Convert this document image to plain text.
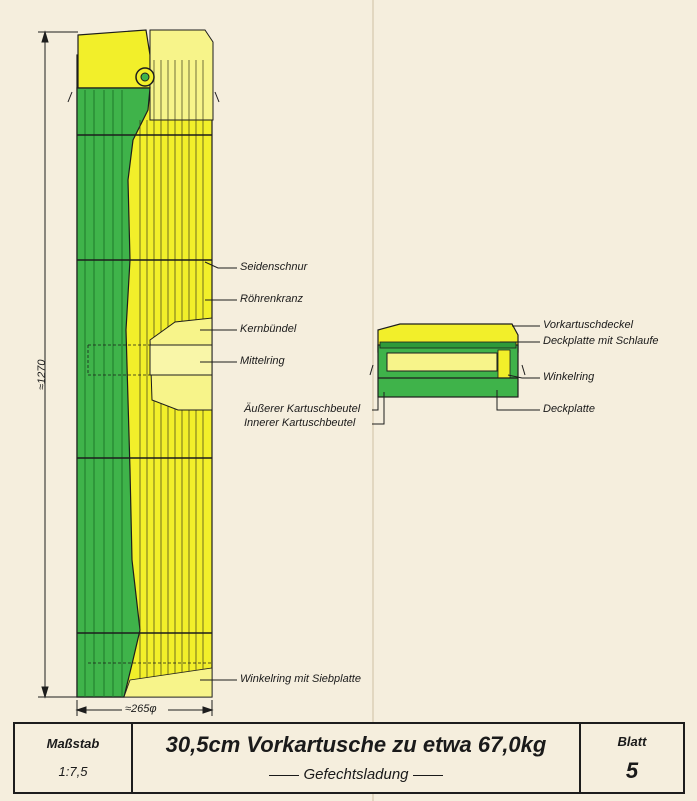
≈1270
≈265φ
Seidenschnur
Röhrenkranz
Kernbündel
Mittelring
Winkelring mit Siebplatte
Vorkartuschdeckel
Deckplatte mit Schlaufe
Winkelring
Deckplatte
Äußerer Kartuschbeutel
Innerer Kartuschbeutel
Maßstab
1:7,5
30,5cm Vorkartusche zu etwa 67,0kg
Gefechtsladung
Blatt
5
